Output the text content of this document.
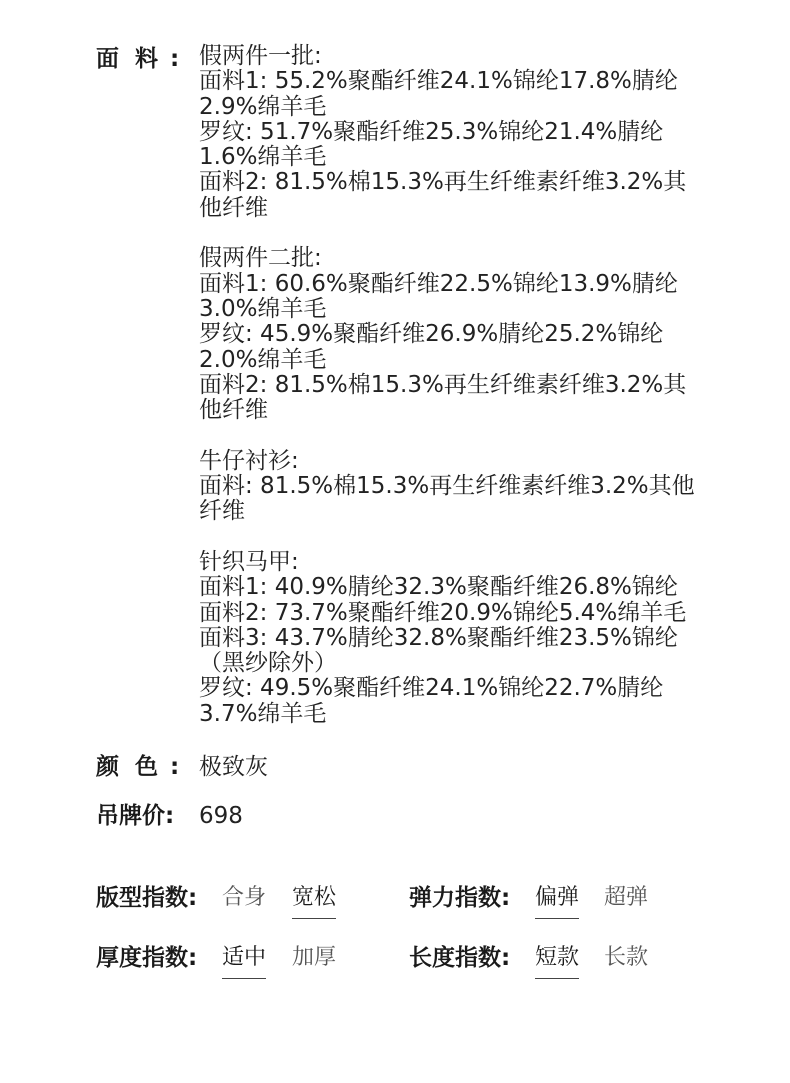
面  料 : 假两件一批:
面料1: 55.2%聚酯纤维24.1%锦纶17.8%腈纶
2.9%绵羊毛
罗纹: 51.7%聚酯纤维25.3%锦纶21.4%腈纶
1.6%绵羊毛
面料2: 81.5%棉15.3%再生纤维素纤维3.2%其
他纤维
假两件二批:
面料1: 60.6%聚酯纤维22.5%锦纶13.9%腈纶
3.0%绵羊毛
罗纹: 45.9%聚酯纤维26.9%腈纶25.2%锦纶
2.0%绵羊毛
面料2: 81.5%棉15.3%再生纤维素纤维3.2%其
他纤维
牛仔衬衫:
面料: 81.5%棉15.3%再生纤维素纤维3.2%其他
纤维
针织马甲:
面料1: 40.9%腈纶32.3%聚酯纤维26.8%锦纶
面料2: 73.7%聚酯纤维20.9%锦纶5.4%绵羊毛
面料3: 43.7%腈纶32.8%聚酯纤维23.5%锦纶
（黑纱除外）
罗纹: 49.5%聚酯纤维24.1%锦纶22.7%腈纶
3.7%绵羊毛
颜  色 : 极致灰
吊牌价: 698
版型指数: 合身 宽松	弹力指数: 偏弹 超弹
厚度指数: 适中 加厚	长度指数: 短款 长款
